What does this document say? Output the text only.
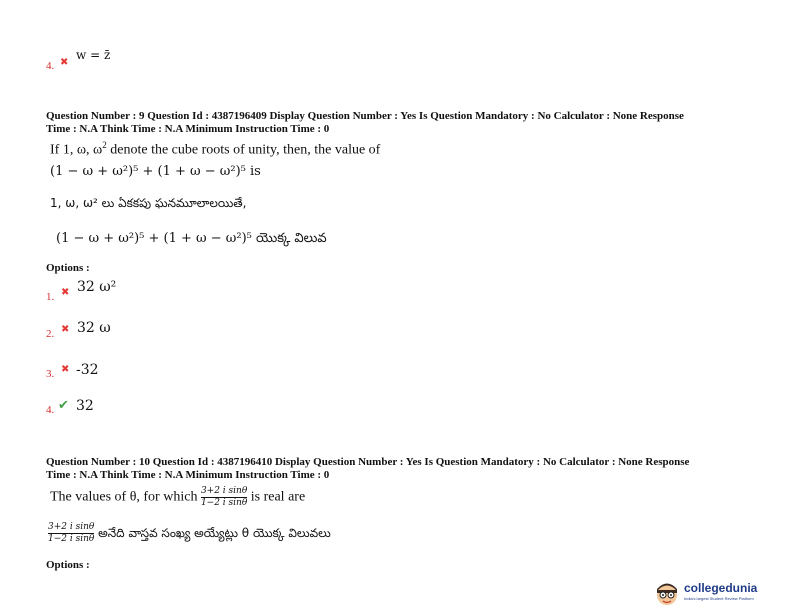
4. ✖
w = z̄
Question Number : 9 Question Id : 4387196409 Display Question Number : Yes Is Question Mandatory : No Calculator : None Response
Time : N.A Think Time : N.A Minimum Instruction Time : 0
If 1, ω, $\omega^2$ denote the cube roots of unity, then, the value of
(1 − ω + ω²)⁵ + (1 + ω − ω²)⁵ is
1, ω, ω² లు ఏకకపు ఘనమూలాలయితే,
(1 − ω + ω²)⁵ + (1 + ω − ω²)⁵ యొక్క విలువ
Options :
1. ✖ 32 ω²
2. ✖ 32 ω
3. ✖ -32
4. ✔ 32
Question Number : 10 Question Id : 4387196410 Display Question Number : Yes Is Question Mandatory : No Calculator : None Response
Time : N.A Think Time : N.A Minimum Instruction Time : 0
The values of θ, for which $\frac{\text{3+2 i sinθ}}{\text{1−2 i sinθ}}$ is real are
$\frac{\text{3+2 i sinθ}}{\text{1−2 i sinθ}}$ అనేది వాస్తవ సంఖ్య అయ్యేట్లు θ యొక్క విలువలు
Options :
collegedunia
India's largest Student Review Platform
